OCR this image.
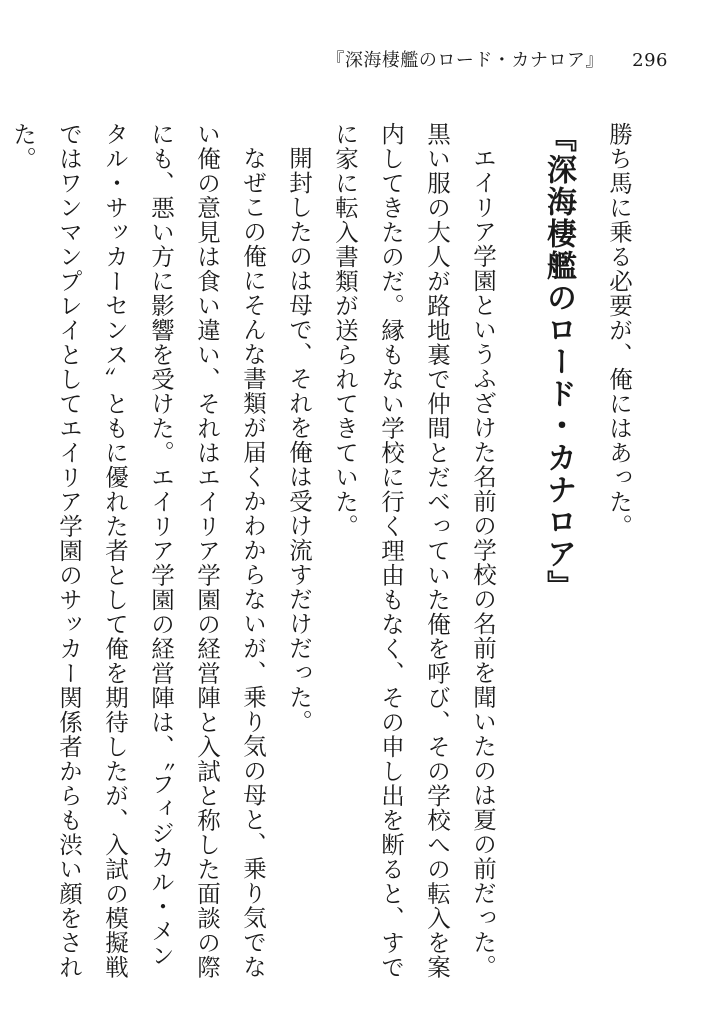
『深海棲艦のロード・カナロア』 296

勝ち馬に乗る必要が、俺にはあった。

『深海棲艦のロード・カナロア』

エイリア学園というふざけた名前の学校の名前を聞いたのは夏の前だった。黒い服の大人が路地裏で仲間とだべっていた俺を呼び、その学校への転入を案内してきたのだ。縁もない学校に行く理由もなく、その申し出を断ると、すでに家に転入書類が送られてきていた。

開封したのは母で、それを俺は受け流すだけだった。

なぜこの俺にそんな書類が届くかわからないが、乗り気の母と、乗り気でない俺の意見は食い違い、それはエイリア学園の経営陣と入試と称した面談の際にも、悪い方に影響を受けた。エイリア学園の経営陣は、〝フィジカル・メンタル・サッカーセンス〟ともに優れた者として俺を期待したが、入試の模擬戦ではワンマンプレイとしてエイリア学園のサッカー関係者からも渋い顔をされた。
